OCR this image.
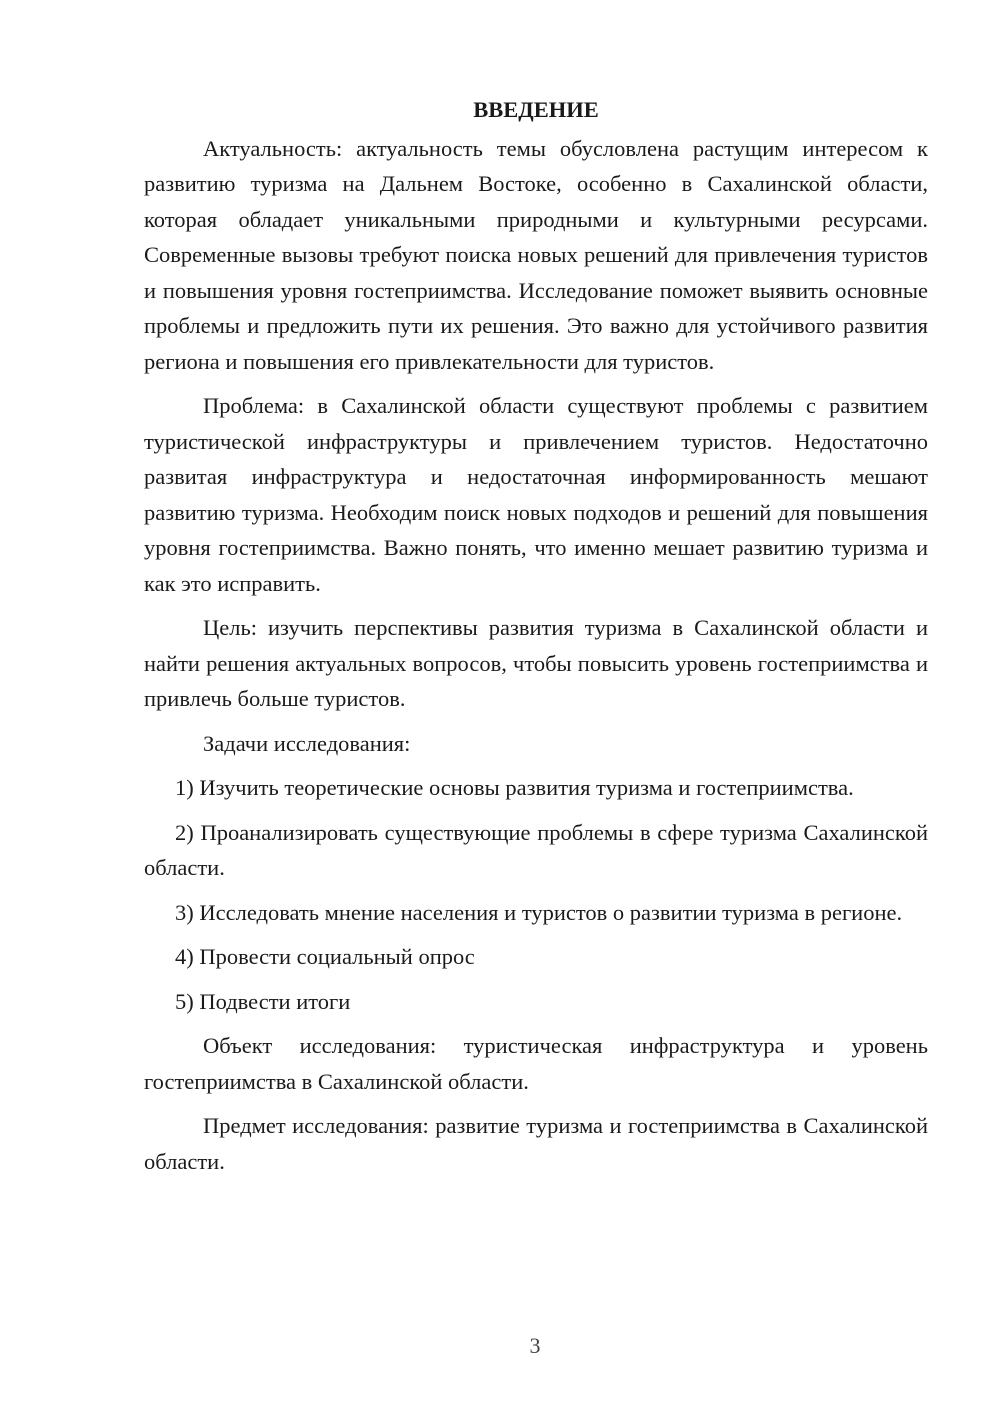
ВВЕДЕНИЕ

Актуальность: актуальность темы обусловлена растущим интересом к развитию туризма на Дальнем Востоке, особенно в Сахалинской области, которая обладает уникальными природными и культурными ресурсами. Современные вызовы требуют поиска новых решений для привлечения туристов и повышения уровня гостеприимства. Исследование поможет выявить основные проблемы и предложить пути их решения. Это важно для устойчивого развития региона и повышения его привлекательности для туристов.

Проблема: в Сахалинской области существуют проблемы с развитием туристической инфраструктуры и привлечением туристов. Недостаточно развитая инфраструктура и недостаточная информированность мешают развитию туризма. Необходим поиск новых подходов и решений для повышения уровня гостеприимства. Важно понять, что именно мешает развитию туризма и как это исправить.

Цель: изучить перспективы развития туризма в Сахалинской области и найти решения актуальных вопросов, чтобы повысить уровень гостеприимства и привлечь больше туристов.

Задачи исследования:

1) Изучить теоретические основы развития туризма и гостеприимства.

2) Проанализировать существующие проблемы в сфере туризма Сахалинской области.

3) Исследовать мнение населения и туристов о развитии туризма в регионе.

4) Провести социальный опрос

5) Подвести итоги

Объект исследования: туристическая инфраструктура и уровень гостеприимства в Сахалинской области.

Предмет исследования: развитие туризма и гостеприимства в Сахалинской области.

3
